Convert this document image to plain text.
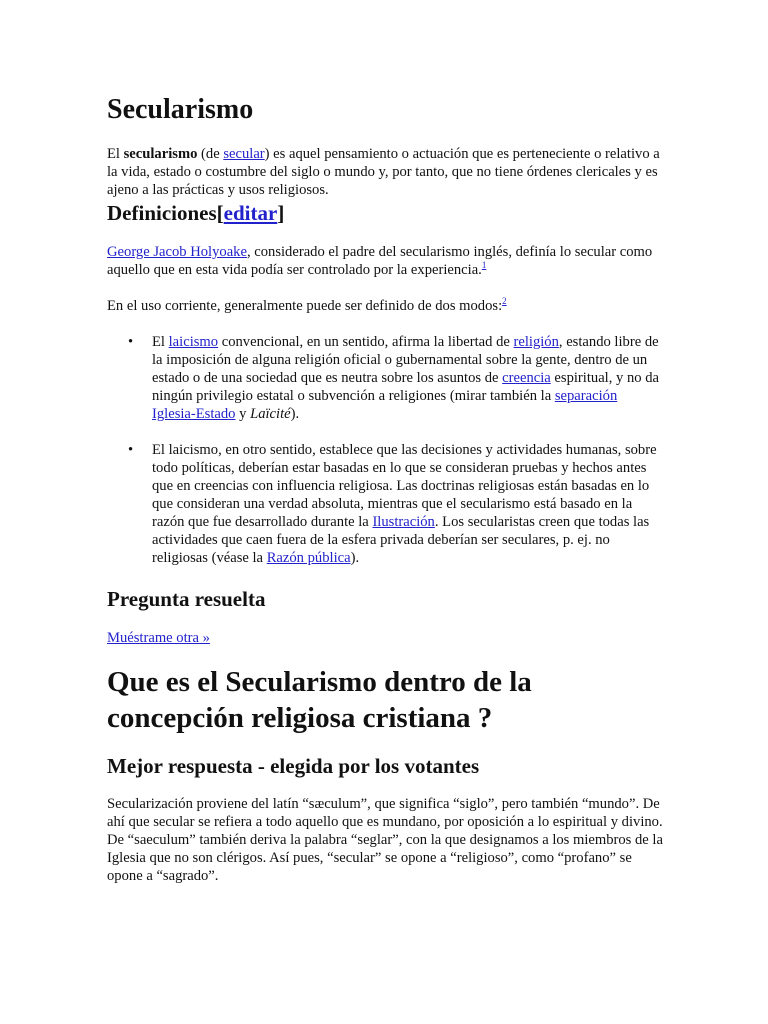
Secularismo

El secularismo (de secular) es aquel pensamiento o actuación que es perteneciente o relativo a la vida, estado o costumbre del siglo o mundo y, por tanto, que no tiene órdenes clericales y es ajeno a las prácticas y usos religiosos.

Definiciones[editar]

George Jacob Holyoake, considerado el padre del secularismo inglés, definía lo secular como aquello que en esta vida podía ser controlado por la experiencia.$^1$

En el uso corriente, generalmente puede ser definido de dos modos:$^2$

• El laicismo convencional, en un sentido, afirma la libertad de religión, estando libre de la imposición de alguna religión oficial o gubernamental sobre la gente, dentro de un estado o de una sociedad que es neutra sobre los asuntos de creencia espiritual, y no da ningún privilegio estatal o subvención a religiones (mirar también la separación Iglesia-Estado y Laïcité).
• El laicismo, en otro sentido, establece que las decisiones y actividades humanas, sobre todo políticas, deberían estar basadas en lo que se consideran pruebas y hechos antes que en creencias con influencia religiosa. Las doctrinas religiosas están basadas en lo que consideran una verdad absoluta, mientras que el secularismo está basado en la razón que fue desarrollado durante la Ilustración. Los secularistas creen que todas las actividades que caen fuera de la esfera privada deberían ser seculares, p. ej. no religiosas (véase la Razón pública).
Pregunta resuelta

Muéstrame otra »

Que es el Secularismo dentro de la concepción religiosa cristiana ?
Mejor respuesta - elegida por los votantes

Secularización proviene del latín “sæculum”, que significa “siglo”, pero también “mundo”. De ahí que secular se refiera a todo aquello que es mundano, por oposición a lo espiritual y divino. De “saeculum” también deriva la palabra “seglar”, con la que designamos a los miembros de la Iglesia que no son clérigos. Así pues, “secular” se opone a “religioso”, como “profano” se opone a “sagrado”.
